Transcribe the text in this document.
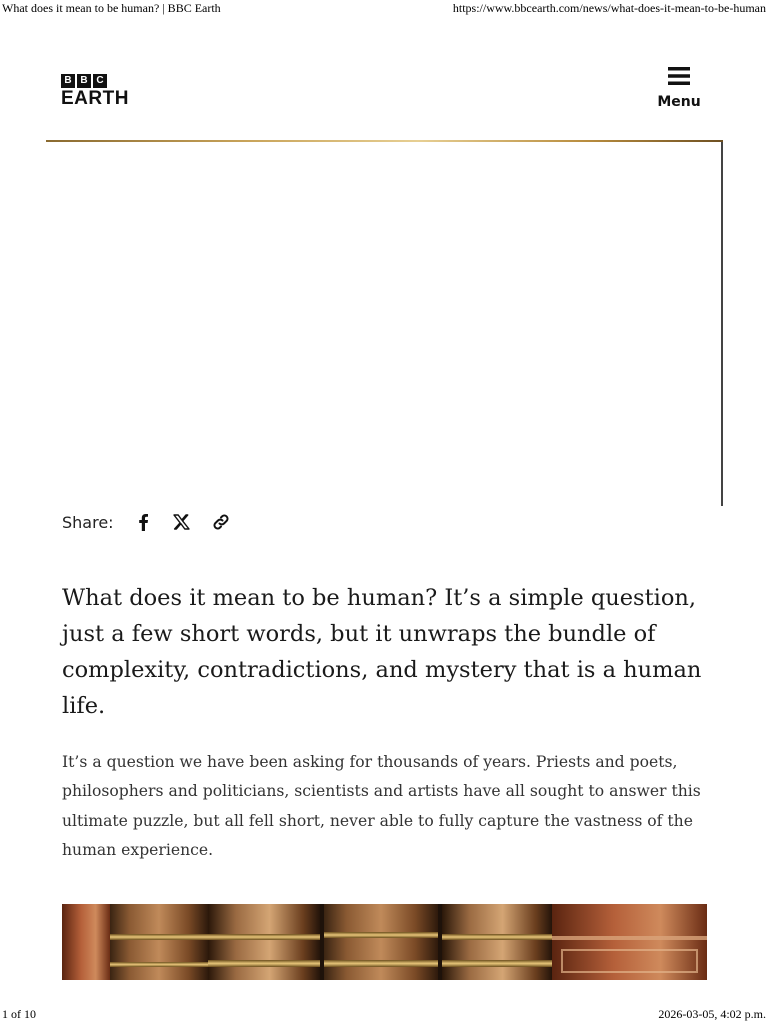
What does it mean to be human? | BBC Earth	https://www.bbcearth.com/news/what-does-it-mean-to-be-human
B B C
EARTH	Menu
Share:

What does it mean to be human? It’s a simple question, just a few short words, but it unwraps the bundle of complexity, contradictions, and mystery that is a human life.

It’s a question we have been asking for thousands of years. Priests and poets, philosophers and politicians, scientists and artists have all sought to answer this ultimate puzzle, but all fell short, never able to fully capture the vastness of the human experience.

1 of 10	2026-03-05, 4:02 p.m.
